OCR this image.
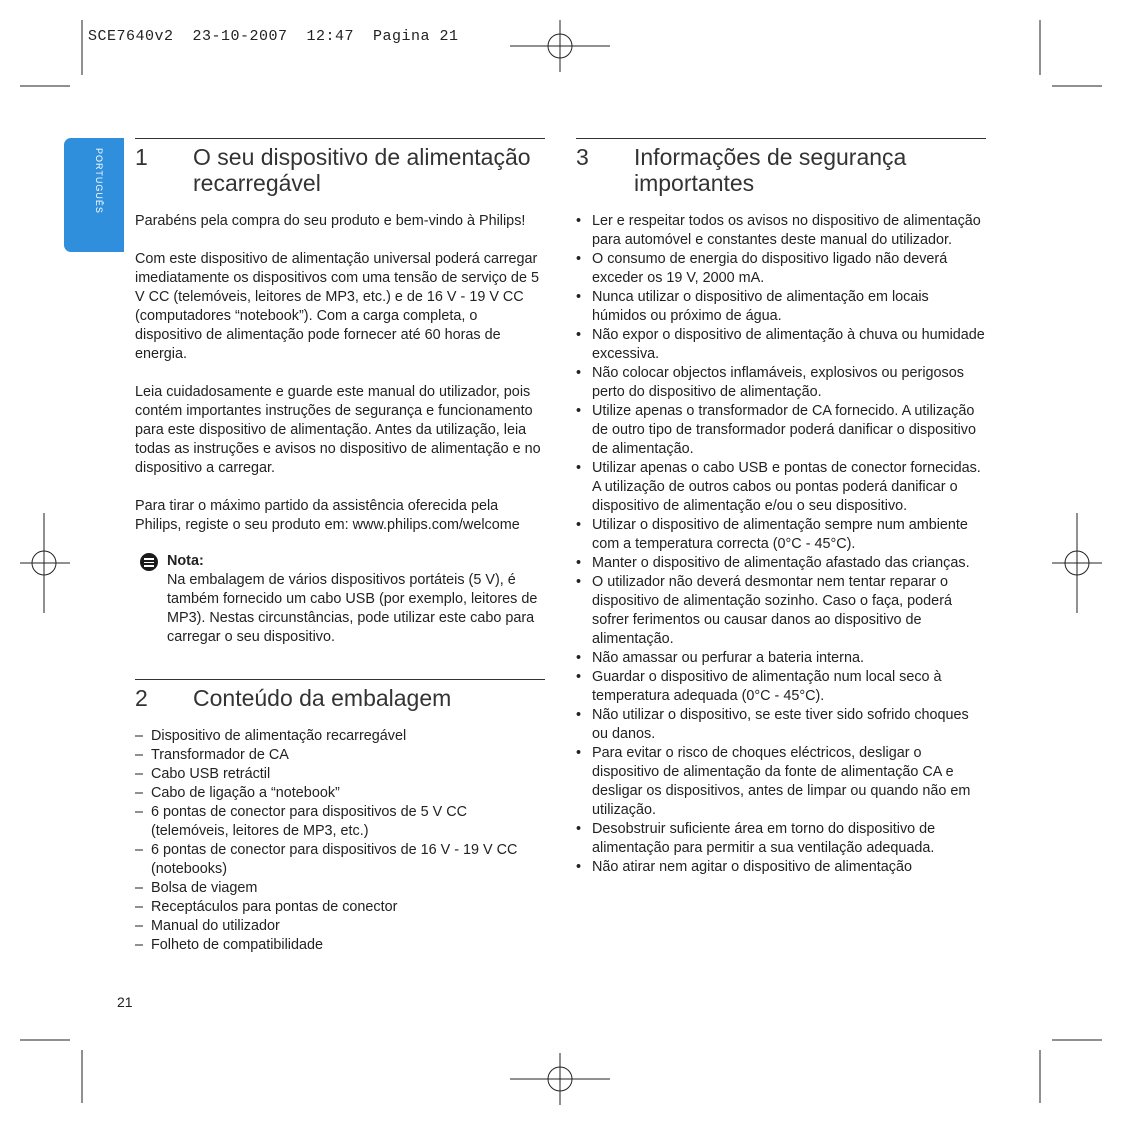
SCE7640v2  23-10-2007  12:47  Pagina 21
PORTUGUÊS 1	O seu dispositivo de alimentação recarregável

Parabéns pela compra do seu produto e bem-vindo à Philips!

Com este dispositivo de alimentação universal poderá carregar imediatamente os dispositivos com uma tensão de serviço de 5 V CC (telemóveis, leitores de MP3, etc.) e de 16 V - 19 V CC (computadores “notebook”). Com a carga completa, o dispositivo de alimentação pode fornecer até 60 horas de energia.

Leia cuidadosamente e guarde este manual do utilizador, pois contém importantes instruções de segurança e funcionamento para este dispositivo de alimentação. Antes da utilização, leia todas as instruções e avisos no dispositivo de alimentação e no dispositivo a carregar.

Para tirar o máximo partido da assistência oferecida pela Philips, registe o seu produto em: www.philips.com/welcome

Nota:

Na embalagem de vários dispositivos portáteis (5 V), é também fornecido um cabo USB (por exemplo, leitores de MP3). Nestas circunstâncias, pode utilizar este cabo para carregar o seu dispositivo.

2	Conteúdo da embalagem
– Dispositivo de alimentação recarregável
– Transformador de CA
– Cabo USB retráctil
– Cabo de ligação a “notebook”
– 6 pontas de conector para dispositivos de 5 V CC (telemóveis, leitores de MP3, etc.)
– 6 pontas de conector para dispositivos de 16 V - 19 V CC (notebooks)
– Bolsa de viagem
– Receptáculos para pontas de conector
– Manual do utilizador
– Folheto de compatibilidade
3	Informações de segurança importantes
• Ler e respeitar todos os avisos no dispositivo de alimentação para automóvel e constantes deste manual do utilizador.
• O consumo de energia do dispositivo ligado não deverá exceder os 19 V, 2000 mA.
• Nunca utilizar o dispositivo de alimentação em locais húmidos ou próximo de água.
• Não expor o dispositivo de alimentação à chuva ou humidade excessiva.
• Não colocar objectos inflamáveis, explosivos ou perigosos perto do dispositivo de alimentação.
• Utilize apenas o transformador de CA fornecido. A utilização de outro tipo de transformador poderá danificar o dispositivo de alimentação.
• Utilizar apenas o cabo USB e pontas de conector fornecidas. A utilização de outros cabos ou pontas poderá danificar o dispositivo de alimentação e/ou o seu dispositivo.
• Utilizar o dispositivo de alimentação sempre num ambiente com a temperatura correcta (0°C - 45°C).
• Manter o dispositivo de alimentação afastado das crianças.
• O utilizador não deverá desmontar nem tentar reparar o dispositivo de alimentação sozinho. Caso o faça, poderá sofrer ferimentos ou causar danos ao dispositivo de alimentação.
• Não amassar ou perfurar a bateria interna.
• Guardar o dispositivo de alimentação num local seco à temperatura adequada (0°C - 45°C).
• Não utilizar o dispositivo, se este tiver sido sofrido choques ou danos.
• Para evitar o risco de choques eléctricos, desligar o dispositivo de alimentação da fonte de alimentação CA e desligar os dispositivos, antes de limpar ou quando não em utilização.
• Desobstruir suficiente área em torno do dispositivo de alimentação para permitir a sua ventilação adequada.
• Não atirar nem agitar o dispositivo de alimentação
21
